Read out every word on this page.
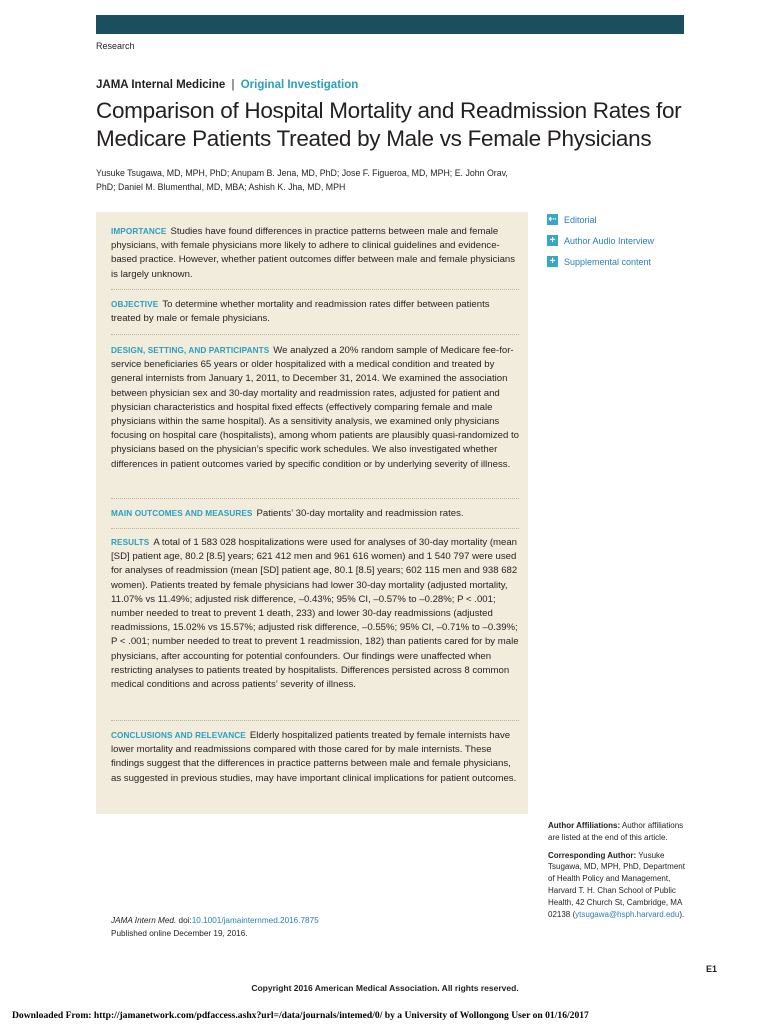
Research
JAMA Internal Medicine | Original Investigation
Comparison of Hospital Mortality and Readmission Rates for Medicare Patients Treated by Male vs Female Physicians
Yusuke Tsugawa, MD, MPH, PhD; Anupam B. Jena, MD, PhD; Jose F. Figueroa, MD, MPH; E. John Orav, PhD; Daniel M. Blumenthal, MD, MBA; Ashish K. Jha, MD, MPH
IMPORTANCE Studies have found differences in practice patterns between male and female physicians, with female physicians more likely to adhere to clinical guidelines and evidence-based practice. However, whether patient outcomes differ between male and female physicians is largely unknown.
OBJECTIVE To determine whether mortality and readmission rates differ between patients treated by male or female physicians.
DESIGN, SETTING, AND PARTICIPANTS We analyzed a 20% random sample of Medicare fee-for-service beneficiaries 65 years or older hospitalized with a medical condition and treated by general internists from January 1, 2011, to December 31, 2014. We examined the association between physician sex and 30-day mortality and readmission rates, adjusted for patient and physician characteristics and hospital fixed effects (effectively comparing female and male physicians within the same hospital). As a sensitivity analysis, we examined only physicians focusing on hospital care (hospitalists), among whom patients are plausibly quasi-randomized to physicians based on the physician’s specific work schedules. We also investigated whether differences in patient outcomes varied by specific condition or by underlying severity of illness.
MAIN OUTCOMES AND MEASURES Patients’ 30-day mortality and readmission rates.
RESULTS A total of 1 583 028 hospitalizations were used for analyses of 30-day mortality (mean [SD] patient age, 80.2 [8.5] years; 621 412 men and 961 616 women) and 1 540 797 were used for analyses of readmission (mean [SD] patient age, 80.1 [8.5] years; 602 115 men and 938 682 women). Patients treated by female physicians had lower 30-day mortality (adjusted mortality, 11.07% vs 11.49%; adjusted risk difference, –0.43%; 95% CI, –0.57% to –0.28%; P < .001; number needed to treat to prevent 1 death, 233) and lower 30-day readmissions (adjusted readmissions, 15.02% vs 15.57%; adjusted risk difference, –0.55%; 95% CI, –0.71% to –0.39%; P < .001; number needed to treat to prevent 1 readmission, 182) than patients cared for by male physicians, after accounting for potential confounders. Our findings were unaffected when restricting analyses to patients treated by hospitalists. Differences persisted across 8 common medical conditions and across patients’ severity of illness.
CONCLUSIONS AND RELEVANCE Elderly hospitalized patients treated by female internists have lower mortality and readmissions compared with those cared for by male internists. These findings suggest that the differences in practice patterns between male and female physicians, as suggested in previous studies, may have important clinical implications for patient outcomes.
⇠ Editorial
+ Author Audio Interview
+ Supplemental content
Author Affiliations: Author affiliations are listed at the end of this article.
Corresponding Author: Yusuke Tsugawa, MD, MPH, PhD, Department of Health Policy and Management, Harvard T. H. Chan School of Public Health, 42 Church St, Cambridge, MA 02138 (ytsugawa@hsph.harvard.edu).
JAMA Intern Med. doi:10.1001/jamainternmed.2016.7875
Published online December 19, 2016.
E1
Copyright 2016 American Medical Association. All rights reserved.
Downloaded From: http://jamanetwork.com/pdfaccess.ashx?url=/data/journals/intemed/0/ by a University of Wollongong User on 01/16/2017
